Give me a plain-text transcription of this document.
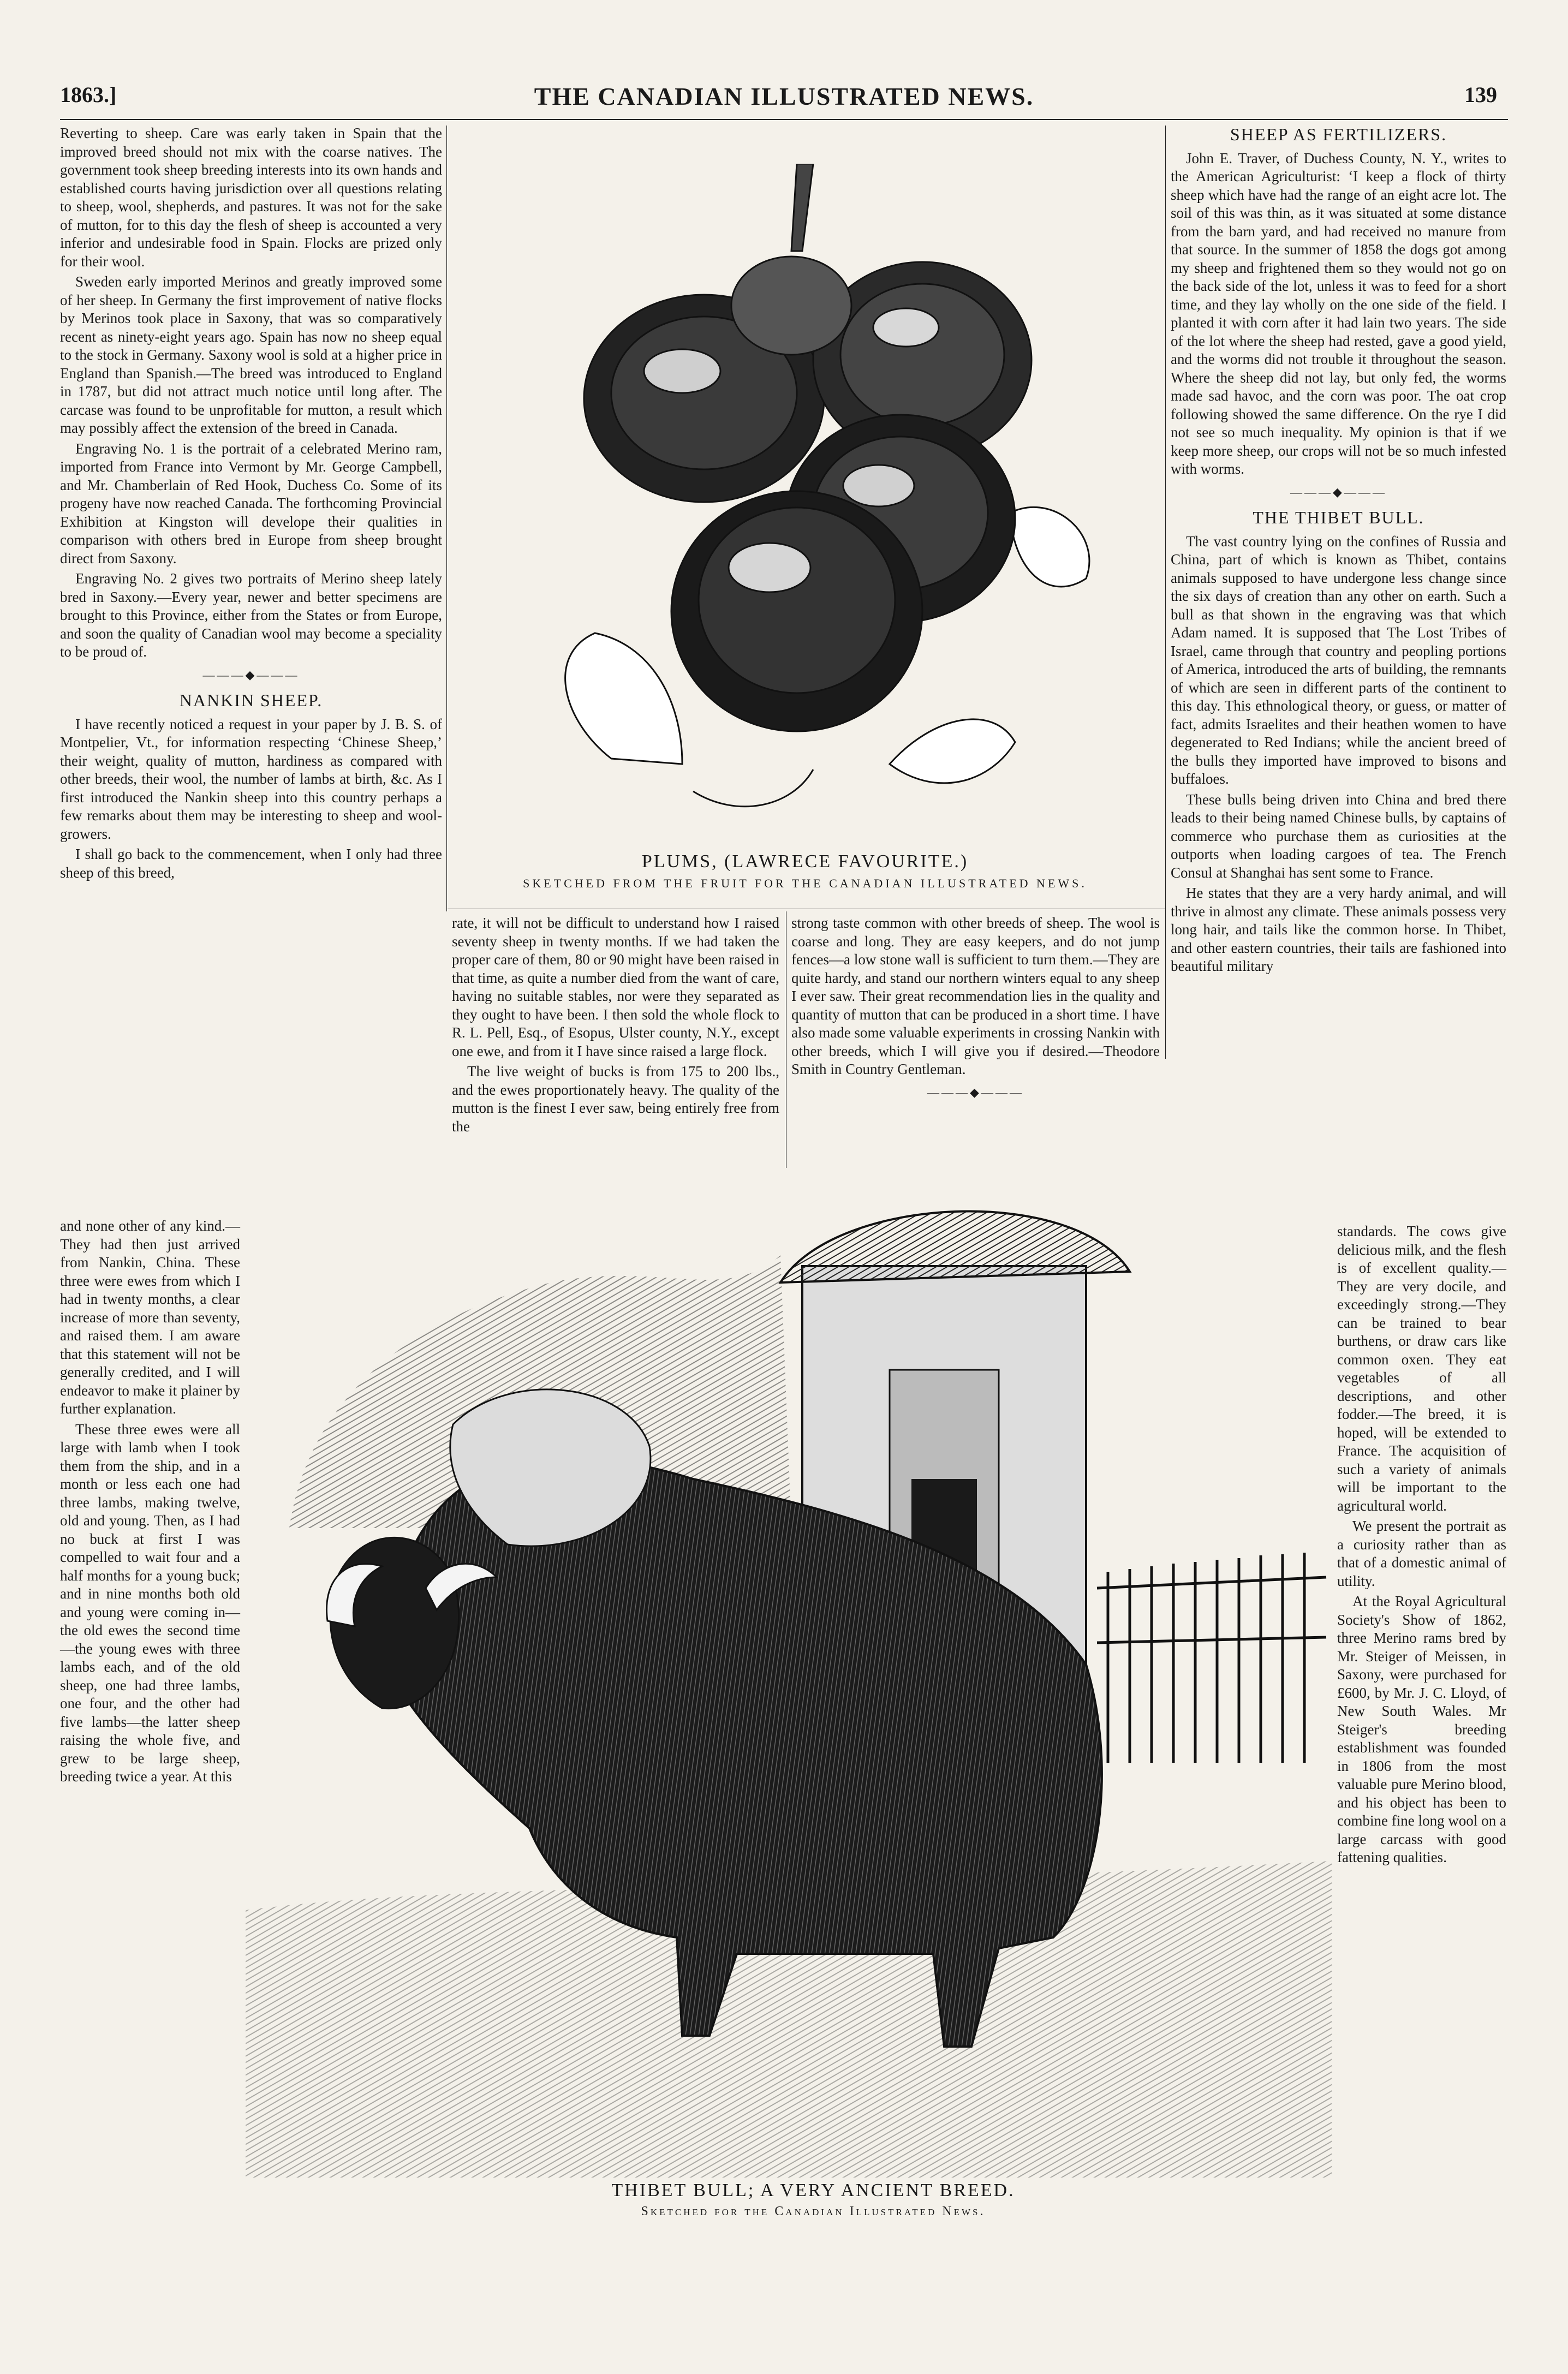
1863.]	THE CANADIAN ILLUSTRATED NEWS.	139

Reverting to sheep. Care was early taken in Spain that the improved breed should not mix with the coarse natives. The government took sheep breeding interests into its own hands and established courts having jurisdiction over all questions relating to sheep, wool, shepherds, and pastures. It was not for the sake of mutton, for to this day the flesh of sheep is accounted a very inferior and undesirable food in Spain. Flocks are prized only for their wool.

Sweden early imported Merinos and greatly improved some of her sheep. In Germany the first improvement of native flocks by Merinos took place in Saxony, that was so comparatively recent as ninety-eight years ago. Spain has now no sheep equal to the stock in Germany. Saxony wool is sold at a higher price in England than Spanish.—The breed was introduced to England in 1787, but did not attract much notice until long after. The carcase was found to be unprofitable for mutton, a result which may possibly affect the extension of the breed in Canada.

Engraving No. 1 is the portrait of a celebrated Merino ram, imported from France into Vermont by Mr. George Campbell, and Mr. Chamberlain of Red Hook, Duchess Co. Some of its progeny have now reached Canada. The forthcoming Provincial Exhibition at Kingston will develope their qualities in comparison with others bred in Europe from sheep brought direct from Saxony.

Engraving No. 2 gives two portraits of Merino sheep lately bred in Saxony.—Every year, newer and better specimens are brought to this Province, either from the States or from Europe, and soon the quality of Canadian wool may become a speciality to be proud of.

———◆———
NANKIN SHEEP.

I have recently noticed a request in your paper by J. B. S. of Montpelier, Vt., for information respecting ‘Chinese Sheep,’ their weight, quality of mutton, hardiness as compared with other breeds, their wool, the number of lambs at birth, &c. As I first introduced the Nankin sheep into this country perhaps a few remarks about them may be interesting to sheep and wool-growers.

I shall go back to the commencement, when I only had three sheep of this breed,

and none other of any kind.—They had then just arrived from Nankin, China. These three were ewes from which I had in twenty months, a clear increase of more than seventy, and raised them. I am aware that this statement will not be generally credited, and I will endeavor to make it plainer by further explanation.

These three ewes were all large with lamb when I took them from the ship, and in a month or less each one had three lambs, making twelve, old and young. Then, as I had no buck at first I was compelled to wait four and a half months for a young buck; and in nine months both old and young were coming in—the old ewes the second time—the young ewes with three lambs each, and of the old sheep, one had three lambs, one four, and the other had five lambs—the latter sheep raising the whole five, and grew to be large sheep, breeding twice a year. At this

PLUMS, (LAWRECE FAVOURITE.)
SKETCHED FROM THE FRUIT FOR THE CANADIAN ILLUSTRATED NEWS.

rate, it will not be difficult to understand how I raised seventy sheep in twenty months. If we had taken the proper care of them, 80 or 90 might have been raised in that time, as quite a number died from the want of care, having no suitable stables, nor were they separated as they ought to have been. I then sold the whole flock to R. L. Pell, Esq., of Esopus, Ulster county, N.Y., except one ewe, and from it I have since raised a large flock.

The live weight of bucks is from 175 to 200 lbs., and the ewes proportionately heavy. The quality of the mutton is the finest I ever saw, being entirely free from the

strong taste common with other breeds of sheep. The wool is coarse and long. They are easy keepers, and do not jump fences—a low stone wall is sufficient to turn them.—They are quite hardy, and stand our northern winters equal to any sheep I ever saw. Their great recommendation lies in the quality and quantity of mutton that can be produced in a short time. I have also made some valuable experiments in crossing Nankin with other breeds, which I will give you if desired.—Theodore Smith in Country Gentleman.

———◆———
SHEEP AS FERTILIZERS.

John E. Traver, of Duchess County, N. Y., writes to the American Agriculturist: ‘I keep a flock of thirty sheep which have had the range of an eight acre lot. The soil of this was thin, as it was situated at some distance from the barn yard, and had received no manure from that source. In the summer of 1858 the dogs got among my sheep and frightened them so they would not go on the back side of the lot, unless it was to feed for a short time, and they lay wholly on the one side of the field. I planted it with corn after it had lain two years. The side of the lot where the sheep had rested, gave a good yield, and the worms did not trouble it throughout the season. Where the sheep did not lay, but only fed, the worms made sad havoc, and the corn was poor. The oat crop following showed the same difference. On the rye I did not see so much inequality. My opinion is that if we keep more sheep, our crops will not be so much infested with worms.

———◆———
THE THIBET BULL.

The vast country lying on the confines of Russia and China, part of which is known as Thibet, contains animals supposed to have undergone less change since the six days of creation than any other on earth. Such a bull as that shown in the engraving was that which Adam named. It is supposed that The Lost Tribes of Israel, came through that country and peopling portions of America, introduced the arts of building, the remnants of which are seen in different parts of the continent to this day. This ethnological theory, or guess, or matter of fact, admits Israelites and their heathen women to have degenerated to Red Indians; while the ancient breed of the bulls they imported have improved to bisons and buffaloes.

These bulls being driven into China and bred there leads to their being named Chinese bulls, by captains of commerce who purchase them as curiosities at the outports when loading cargoes of tea. The French Consul at Shanghai has sent some to France.

He states that they are a very hardy animal, and will thrive in almost any climate. These animals possess very long hair, and tails like the common horse. In Thibet, and other eastern countries, their tails are fashioned into beautiful military

standards. The cows give delicious milk, and the flesh is of excellent quality.—They are very docile, and exceedingly strong.—They can be trained to bear burthens, or draw cars like common oxen. They eat vegetables of all descriptions, and other fodder.—The breed, it is hoped, will be extended to France. The acquisition of such a variety of animals will be important to the agricultural world.

We present the portrait as a curiosity rather than as that of a domestic animal of utility.

At the Royal Agricultural Society's Show of 1862, three Merino rams bred by Mr. Steiger of Meissen, in Saxony, were purchased for £600, by Mr. J. C. Lloyd, of New South Wales. Mr Steiger's breeding establishment was founded in 1806 from the most valuable pure Merino blood, and his object has been to combine fine long wool on a large carcass with good fattening qualities.

THIBET BULL; A VERY ANCIENT BREED.
Sketched for the Canadian Illustrated News.
